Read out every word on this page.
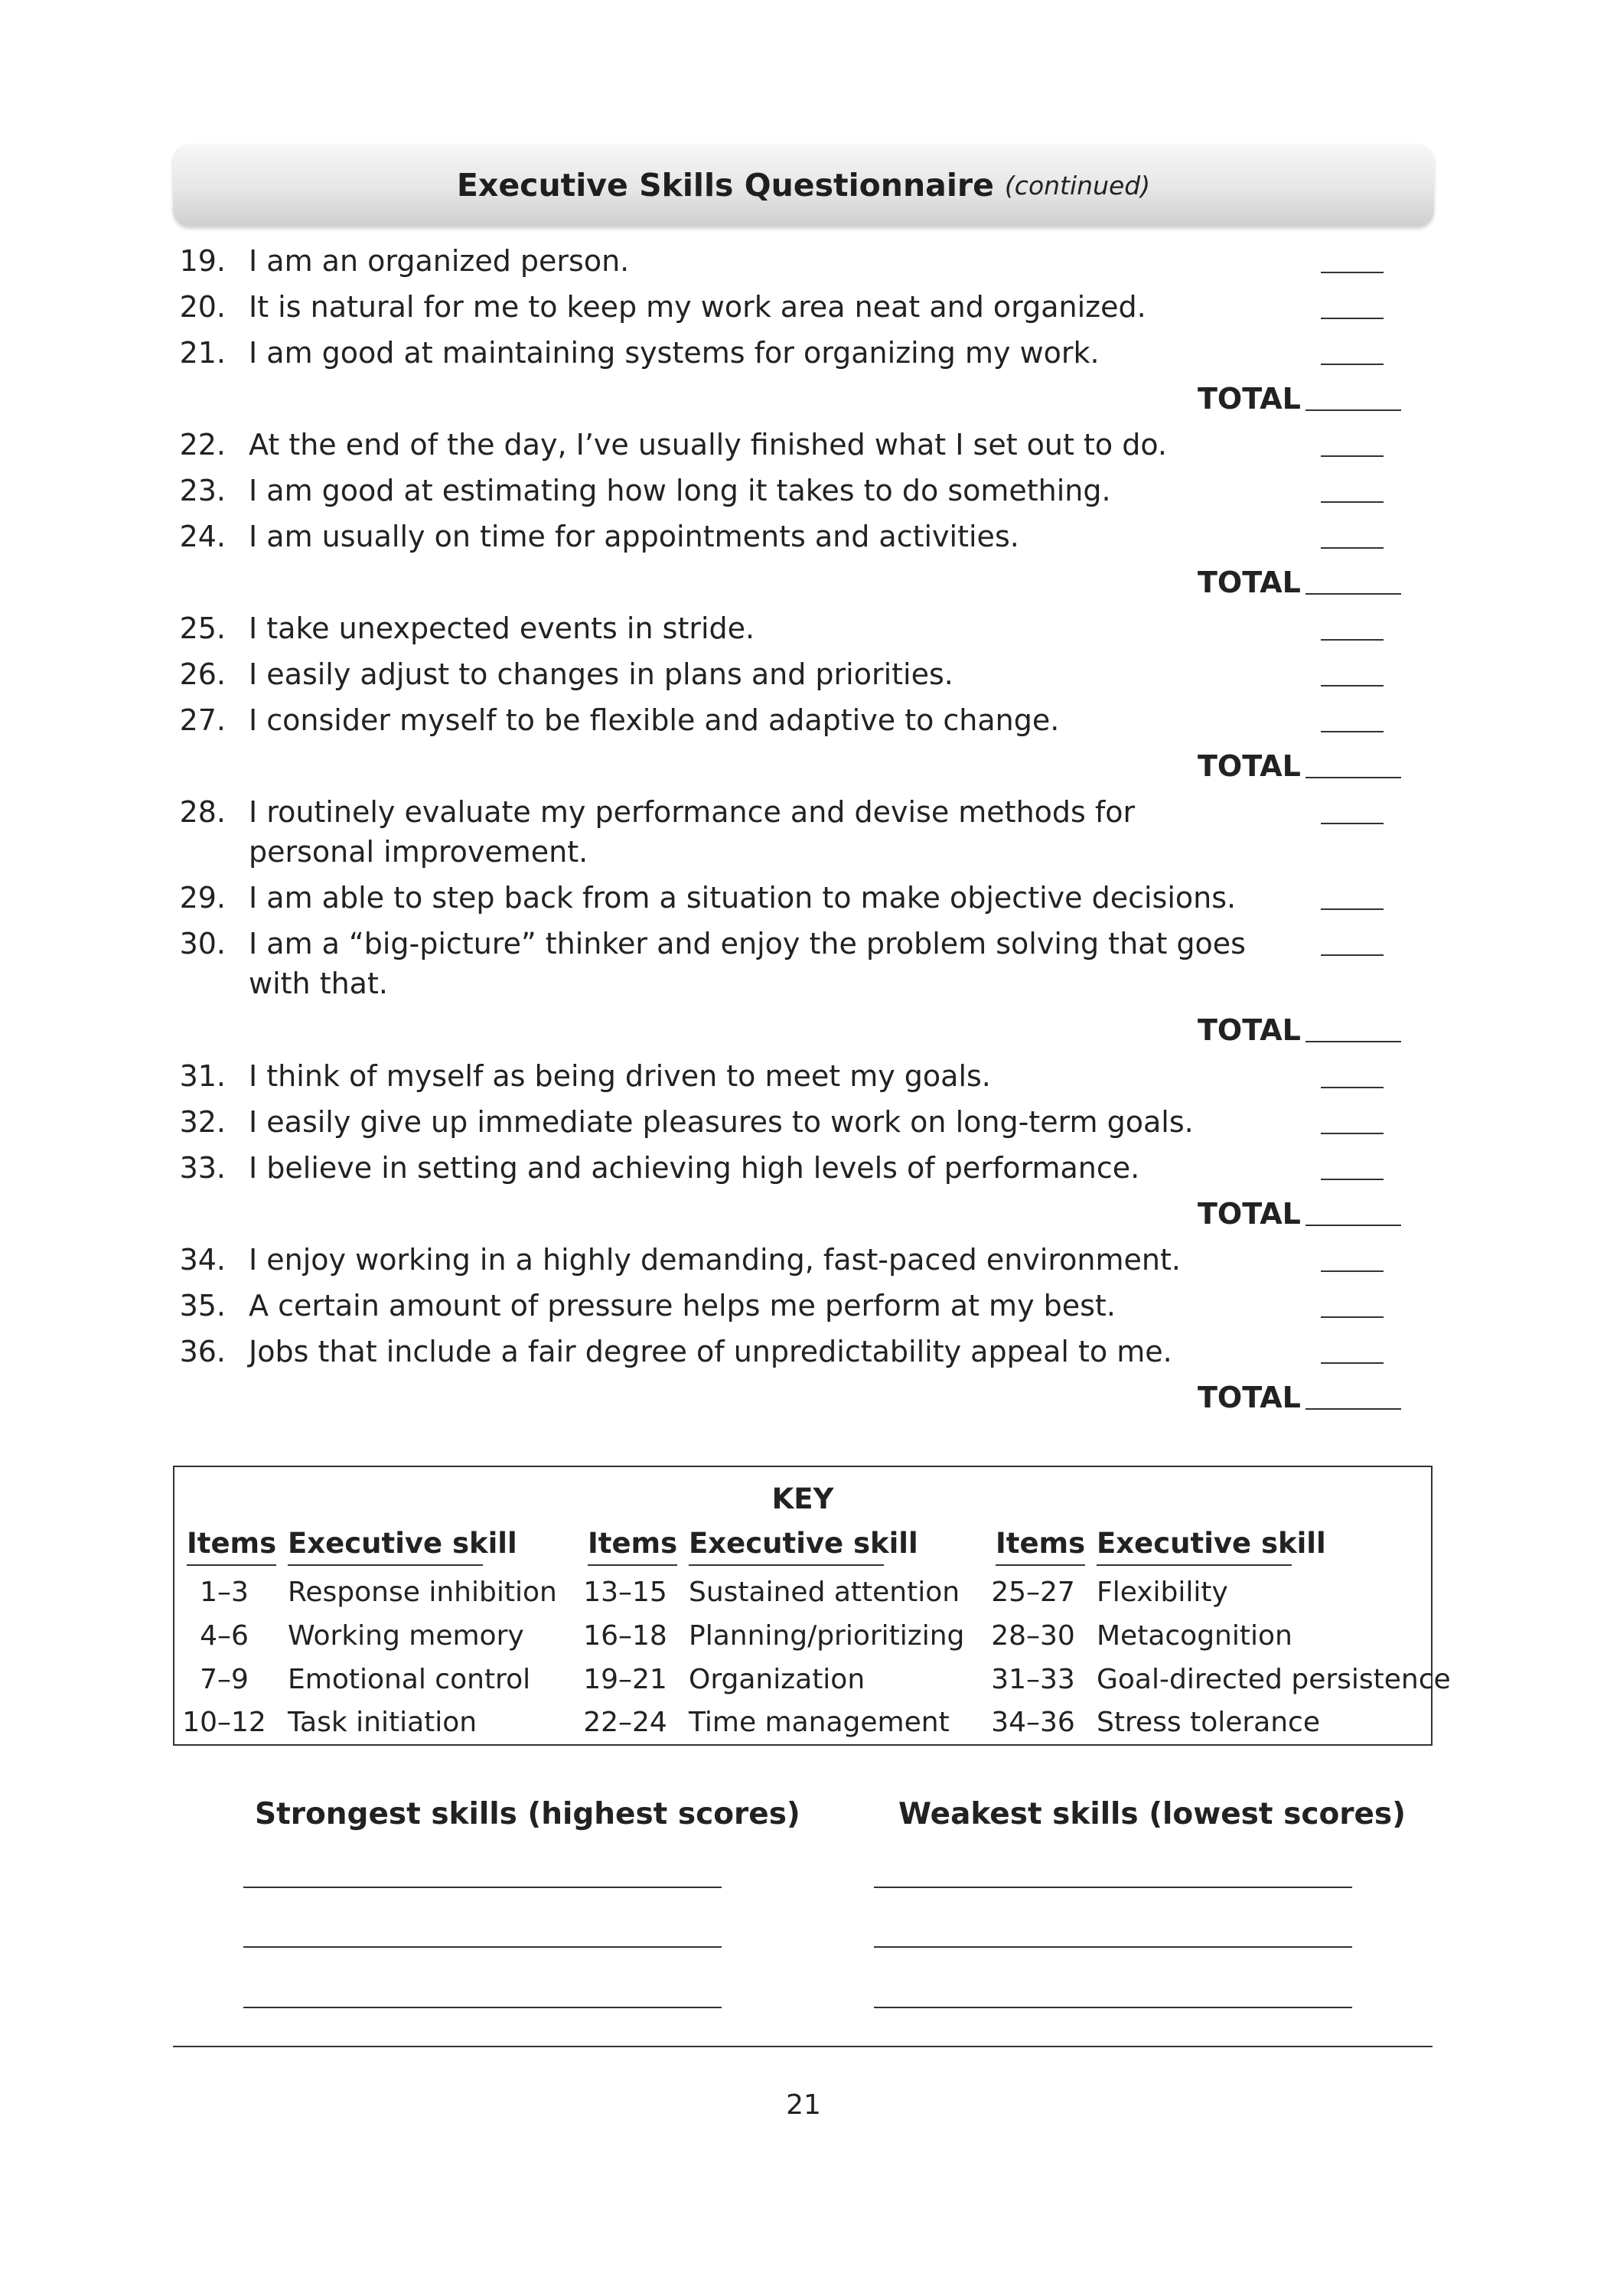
Executive Skills Questionnaire (continued)
19. I am an organized person.
20. It is natural for me to keep my work area neat and organized.
21. I am good at maintaining systems for organizing my work.
TOTAL
22. At the end of the day, I’ve usually finished what I set out to do.
23. I am good at estimating how long it takes to do something.
24. I am usually on time for appointments and activities.
TOTAL
25. I take unexpected events in stride.
26. I easily adjust to changes in plans and priorities.
27. I consider myself to be flexible and adaptive to change.
TOTAL
28. I routinely evaluate my performance and devise methods for personal improvement.
29. I am able to step back from a situation to make objective decisions.
30. I am a “big-picture” thinker and enjoy the problem solving that goes with that.
TOTAL
31. I think of myself as being driven to meet my goals.
32. I easily give up immediate pleasures to work on long-term goals.
33. I believe in setting and achieving high levels of performance.
TOTAL
34. I enjoy working in a highly demanding, fast-paced environment.
35. A certain amount of pressure helps me perform at my best.
36. Jobs that include a fair degree of unpredictability appeal to me.
TOTAL
KEY
Items Executive skill Items Executive skill	Items Executive skill
1–3	Response inhibition 13–15 Sustained attention 25–27 Flexibility
4–6	Working memory 16–18 Planning/prioritizing 28–30 Metacognition
7–9	Emotional control 19–21 Organization	31–33 Goal-directed persistence
10–12 Task initiation	22–24 Time management 34–36 Stress tolerance
Strongest skills (highest scores)	Weakest skills (lowest scores)
21
